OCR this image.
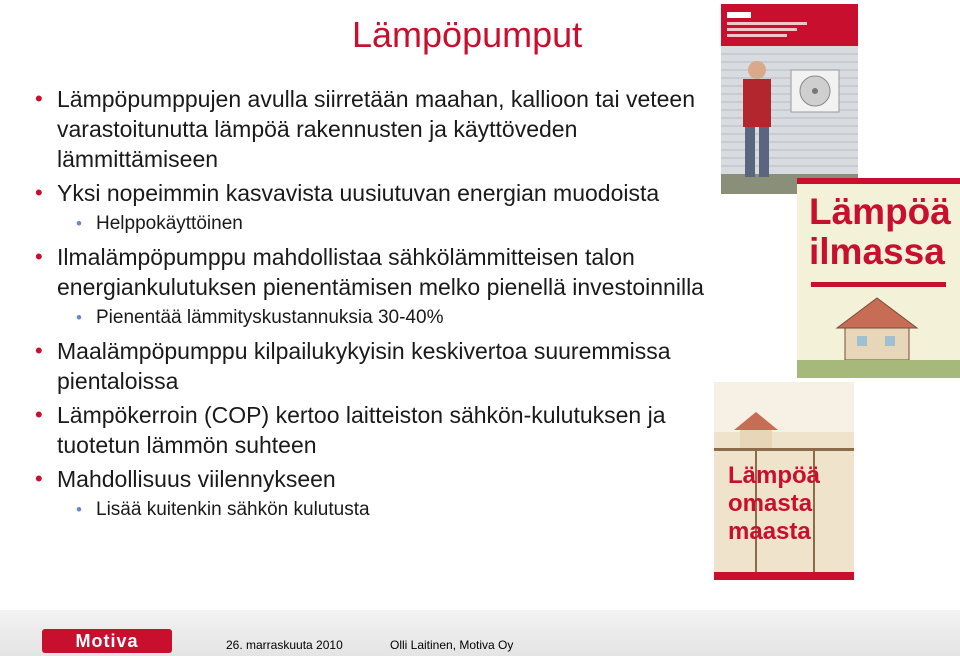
Lämpöpumput
• Lämpöpumppujen avulla siirretään maahan, kallioon tai veteen varastoitunutta lämpöä rakennusten ja käyttöveden lämmittämiseen
• Yksi nopeimmin kasvavista uusiutuvan energian muodoista
• Helppokäyttöinen
• Ilmalämpöpumppu mahdollistaa sähkölämmitteisen talon energiankulutuksen pienentämisen melko pienellä investoinnilla
• Pienentää lämmityskustannuksia 30-40%
• Maalämpöpumppu kilpailukykyisin keskivertoa suuremmissa pientaloissa
• Lämpökerroin (COP) kertoo laitteiston sähkön-kulutuksen ja tuotetun lämmön suhteen
• Mahdollisuus viilennykseen
• Lisää kuitenkin sähkön kulutusta
Lämpöä ilmassa
Lämpöä omasta maasta
Motiva	26. marraskuuta 2010	Olli Laitinen, Motiva Oy
